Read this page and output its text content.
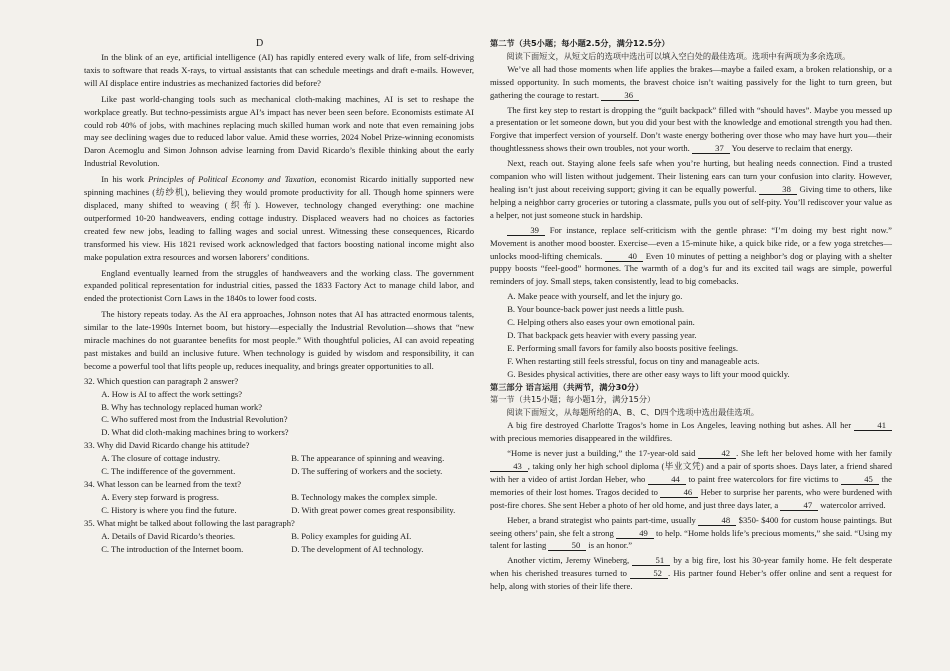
D

In the blink of an eye, artificial intelligence (AI) has rapidly entered every walk of life, from self-driving taxis to software that reads X-rays, to virtual assistants that can schedule meetings and draft e-mails. However, will AI displace entire industries as mechanized factories did before?

Like past world-changing tools such as mechanical cloth-making machines, AI is set to reshape the workplace greatly. But techno-pessimists argue AI’s impact has never been seen before. Economists estimate AI could rob 40% of jobs, with machines replacing much skilled human work and note that even remaining jobs may see declining wages due to reduced labor value. Amid these worries, 2024 Nobel Prize-winning economists Daron Acemoglu and Simon Johnson advise learning from David Ricardo’s flexible thinking about the early Industrial Revolution.

In his work Principles of Political Economy and Taxation, economist Ricardo initially supported new spinning machines (纺纱机), believing they would promote productivity for all. Though home spinners were displaced, many shifted to weaving (织布). However, technology changed everything: one machine outperformed 10-20 handweavers, ending cottage industry. Displaced weavers had no choices as factories created few new jobs, leading to falling wages and social unrest. Witnessing these consequences, Ricardo transformed his view. His 1821 revised work acknowledged that factors boosting national income might also make population extra resources and worsen laborers’ conditions.

England eventually learned from the struggles of handweavers and the working class. The government expanded political representation for industrial cities, passed the 1833 Factory Act to manage child labor, and ended the protectionist Corn Laws in the 1840s to lower food costs.

The history repeats today. As the AI era approaches, Johnson notes that AI has attracted enormous talents, similar to the late-1990s Internet boom, but history—especially the Industrial Revolution—shows that “new miracle machines do not guarantee benefits for most people.” With thoughtful policies, AI can avoid repeating past mistakes and build an inclusive future. When technology is guided by wisdom and responsibility, it can become a powerful tool that lifts people up, reduces inequality, and brings greater opportunities to all.

32. Which question can paragraph 2 answer?

A. How is AI to affect the work settings?

B. Why has technology replaced human work?

C. Who suffered most from the Industrial Revolution?

D. What did cloth-making machines bring to workers?

33. Why did David Ricardo change his attitude?

A. The closure of cottage industry.	B. The appearance of spinning and weaving.
C. The indifference of the government.	D. The suffering of workers and the society.

34. What lesson can be learned from the text?

A. Every step forward is progress.	B. Technology makes the complex simple.
C. History is where you find the future.	D. With great power comes great responsibility.

35. What might be talked about following the last paragraph?

A. Details of David Ricardo’s theories.	B. Policy examples for guiding AI.
C. The introduction of the Internet boom.	D. The development of AI technology.

第二节（共5小题；每小题2.5分，满分12.5分）

阅读下面短文，从短文后的选项中选出可以填入空白处的最佳选项。选项中有两项为多余选项。

We’ve all had those moments when life applies the brakes—maybe a failed exam, a broken relationship, or a missed opportunity. In such moments, the bravest choice isn’t waiting passively for the light to turn green, but gathering the courage to restart.	36

The first key step to restart is dropping the “guilt backpack” filled with “should haves”. Maybe you messed up a presentation or let someone down, but you did your best with the knowledge and emotional strength you had then. Forgive that imperfect version of yourself. Don’t waste energy bothering over those who may have hurt you—their thoughtlessness shows their own troubles, not your worth.	37 You deserve to reclaim that energy.

Next, reach out. Staying alone feels safe when you’re hurting, but healing needs connection. Find a trusted companion who will listen without judgement. Their listening ears can turn your confusion into clarity. However, healing isn’t just about receiving support; giving it can be equally powerful.	38 Giving time to others, like helping a neighbor carry groceries or tutoring a classmate, pulls you out of self-pity. You’ll rediscover your value as a helper, not just someone stuck in hardship.

39 For instance, replace self-criticism with the gentle phrase: “I’m doing my best right now.” Movement is another mood booster. Exercise—even a 15-minute hike, a quick bike ride, or a few yoga stretches—unlocks mood-lifting chemicals.	40 Even 10 minutes of petting a neighbor’s dog or playing with a shelter puppy boosts “feel-good” hormones. The warmth of a dog’s fur and its excited tail wags are simple, powerful reminders of joy. Small steps, taken consistently, lead to big comebacks.

A. Make peace with yourself, and let the injury go.

B. Your bounce-back power just needs a little push.

C. Helping others also eases your own emotional pain.

D. That backpack gets heavier with every passing year.

E. Performing small favors for family also boosts positive feelings.

F. When restarting still feels stressful, focus on tiny and manageable acts.

G. Besides physical activities, there are other easy ways to lift your mood quickly.

第三部分 语言运用（共两节，满分30分）

第一节（共15小题；每小题1分，满分15分）

阅读下面短文，从每题所给的A、B、C、D四个选项中选出最佳选项。

A big fire destroyed Charlotte Tragos’s home in Los Angeles, leaving nothing but ashes. All her	41 with precious memories disappeared in the wildfires.

“Home is never just a building,” the 17-year-old said	42 . She left her beloved home with her family 43 , taking only her high school diploma (毕业文凭) and a pair of sports shoes. Days later, a friend shared with her a video of artist Jordan Heber, who	44 to paint free watercolors for fire victims to	45 the memories of their lost homes. Tragos decided to	46 Heber to surprise her parents, who were burdened with post-fire chores. She sent Heber a photo of her old home, and just three days later, a	47 watercolor arrived.

Heber, a brand strategist who paints part-time, usually	48 $350- $400 for custom house paintings. But seeing others’ pain, she felt a strong	49 to help. “Home holds life’s precious moments,” she said. “Using my talent for lasting	50 is an honor.”

Another victim, Jeremy Wineberg,	51 by a big fire, lost his 30-year family home. He felt desperate when his cherished treasures turned to	52 . His partner found Heber’s offer online and sent a request for help, along with stories of their life there.
